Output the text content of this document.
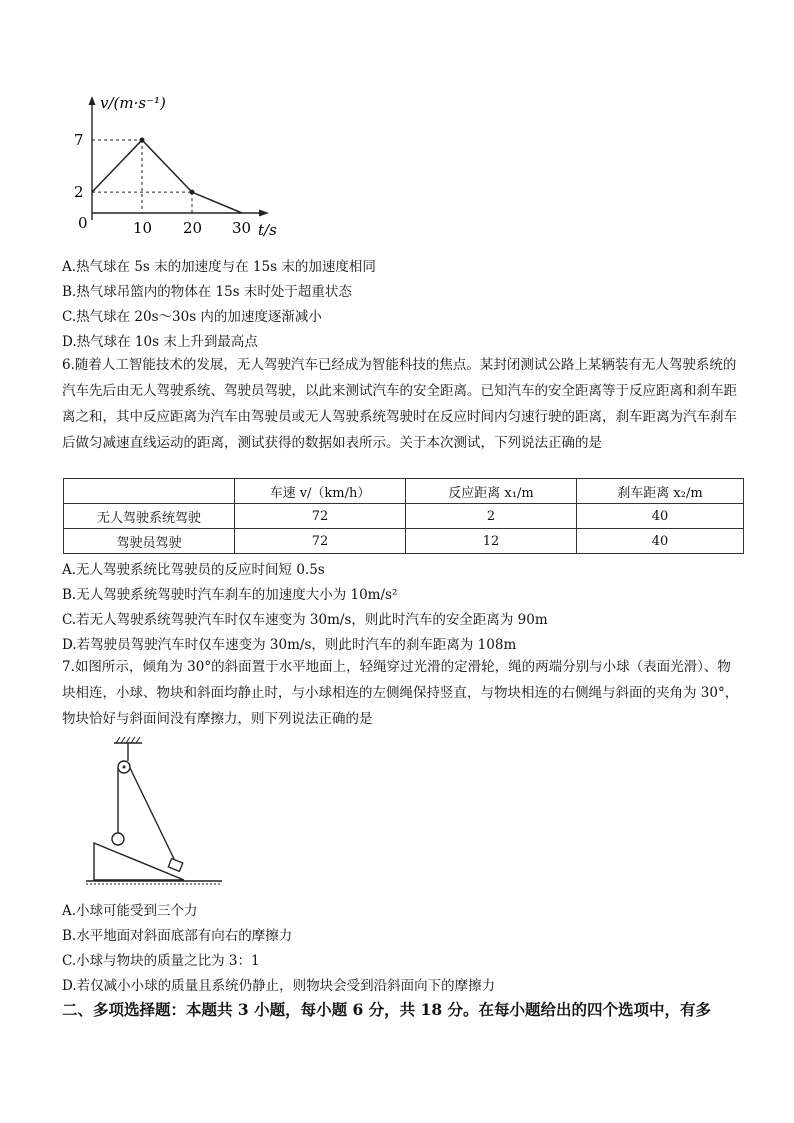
v/(m·s⁻¹)
7
2
0	10 20 30 t/s
A.热气球在 5s 末的加速度与在 15s 末的加速度相同
B.热气球吊篮内的物体在 15s 末时处于超重状态
C.热气球在 20s～30s 内的加速度逐渐减小
D.热气球在 10s 末上升到最高点
6.随着人工智能技术的发展，无人驾驶汽车已经成为智能科技的焦点。某封闭测试公路上某辆装有无人驾驶系统的汽车先后由无人驾驶系统、驾驶员驾驶，以此来测试汽车的安全距离。已知汽车的安全距离等于反应距离和刹车距离之和，其中反应距离为汽车由驾驶员或无人驾驶系统驾驶时在反应时间内匀速行驶的距离，刹车距离为汽车刹车后做匀减速直线运动的距离，测试获得的数据如表所示。关于本次测试，下列说法正确的是
	车速 v/（km/h）	反应距离 x₁/m	刹车距离 x₂/m
无人驾驶系统驾驶	72	2	40
驾驶员驾驶	72	12	40
A.无人驾驶系统比驾驶员的反应时间短 0.5s
B.无人驾驶系统驾驶时汽车刹车的加速度大小为 10m/s²
C.若无人驾驶系统驾驶汽车时仅车速变为 30m/s，则此时汽车的安全距离为 90m
D.若驾驶员驾驶汽车时仅车速变为 30m/s，则此时汽车的刹车距离为 108m
7.如图所示，倾角为 30°的斜面置于水平地面上，轻绳穿过光滑的定滑轮，绳的两端分别与小球（表面光滑）、物块相连，小球、物块和斜面均静止时，与小球相连的左侧绳保持竖直，与物块相连的右侧绳与斜面的夹角为 30°，物块恰好与斜面间没有摩擦力，则下列说法正确的是
A.小球可能受到三个力
B.水平地面对斜面底部有向右的摩擦力
C.小球与物块的质量之比为 3：1
D.若仅减小小球的质量且系统仍静止，则物块会受到沿斜面向下的摩擦力
二、多项选择题：本题共 3 小题，每小题 6 分，共 18 分。在每小题给出的四个选项中，有多
